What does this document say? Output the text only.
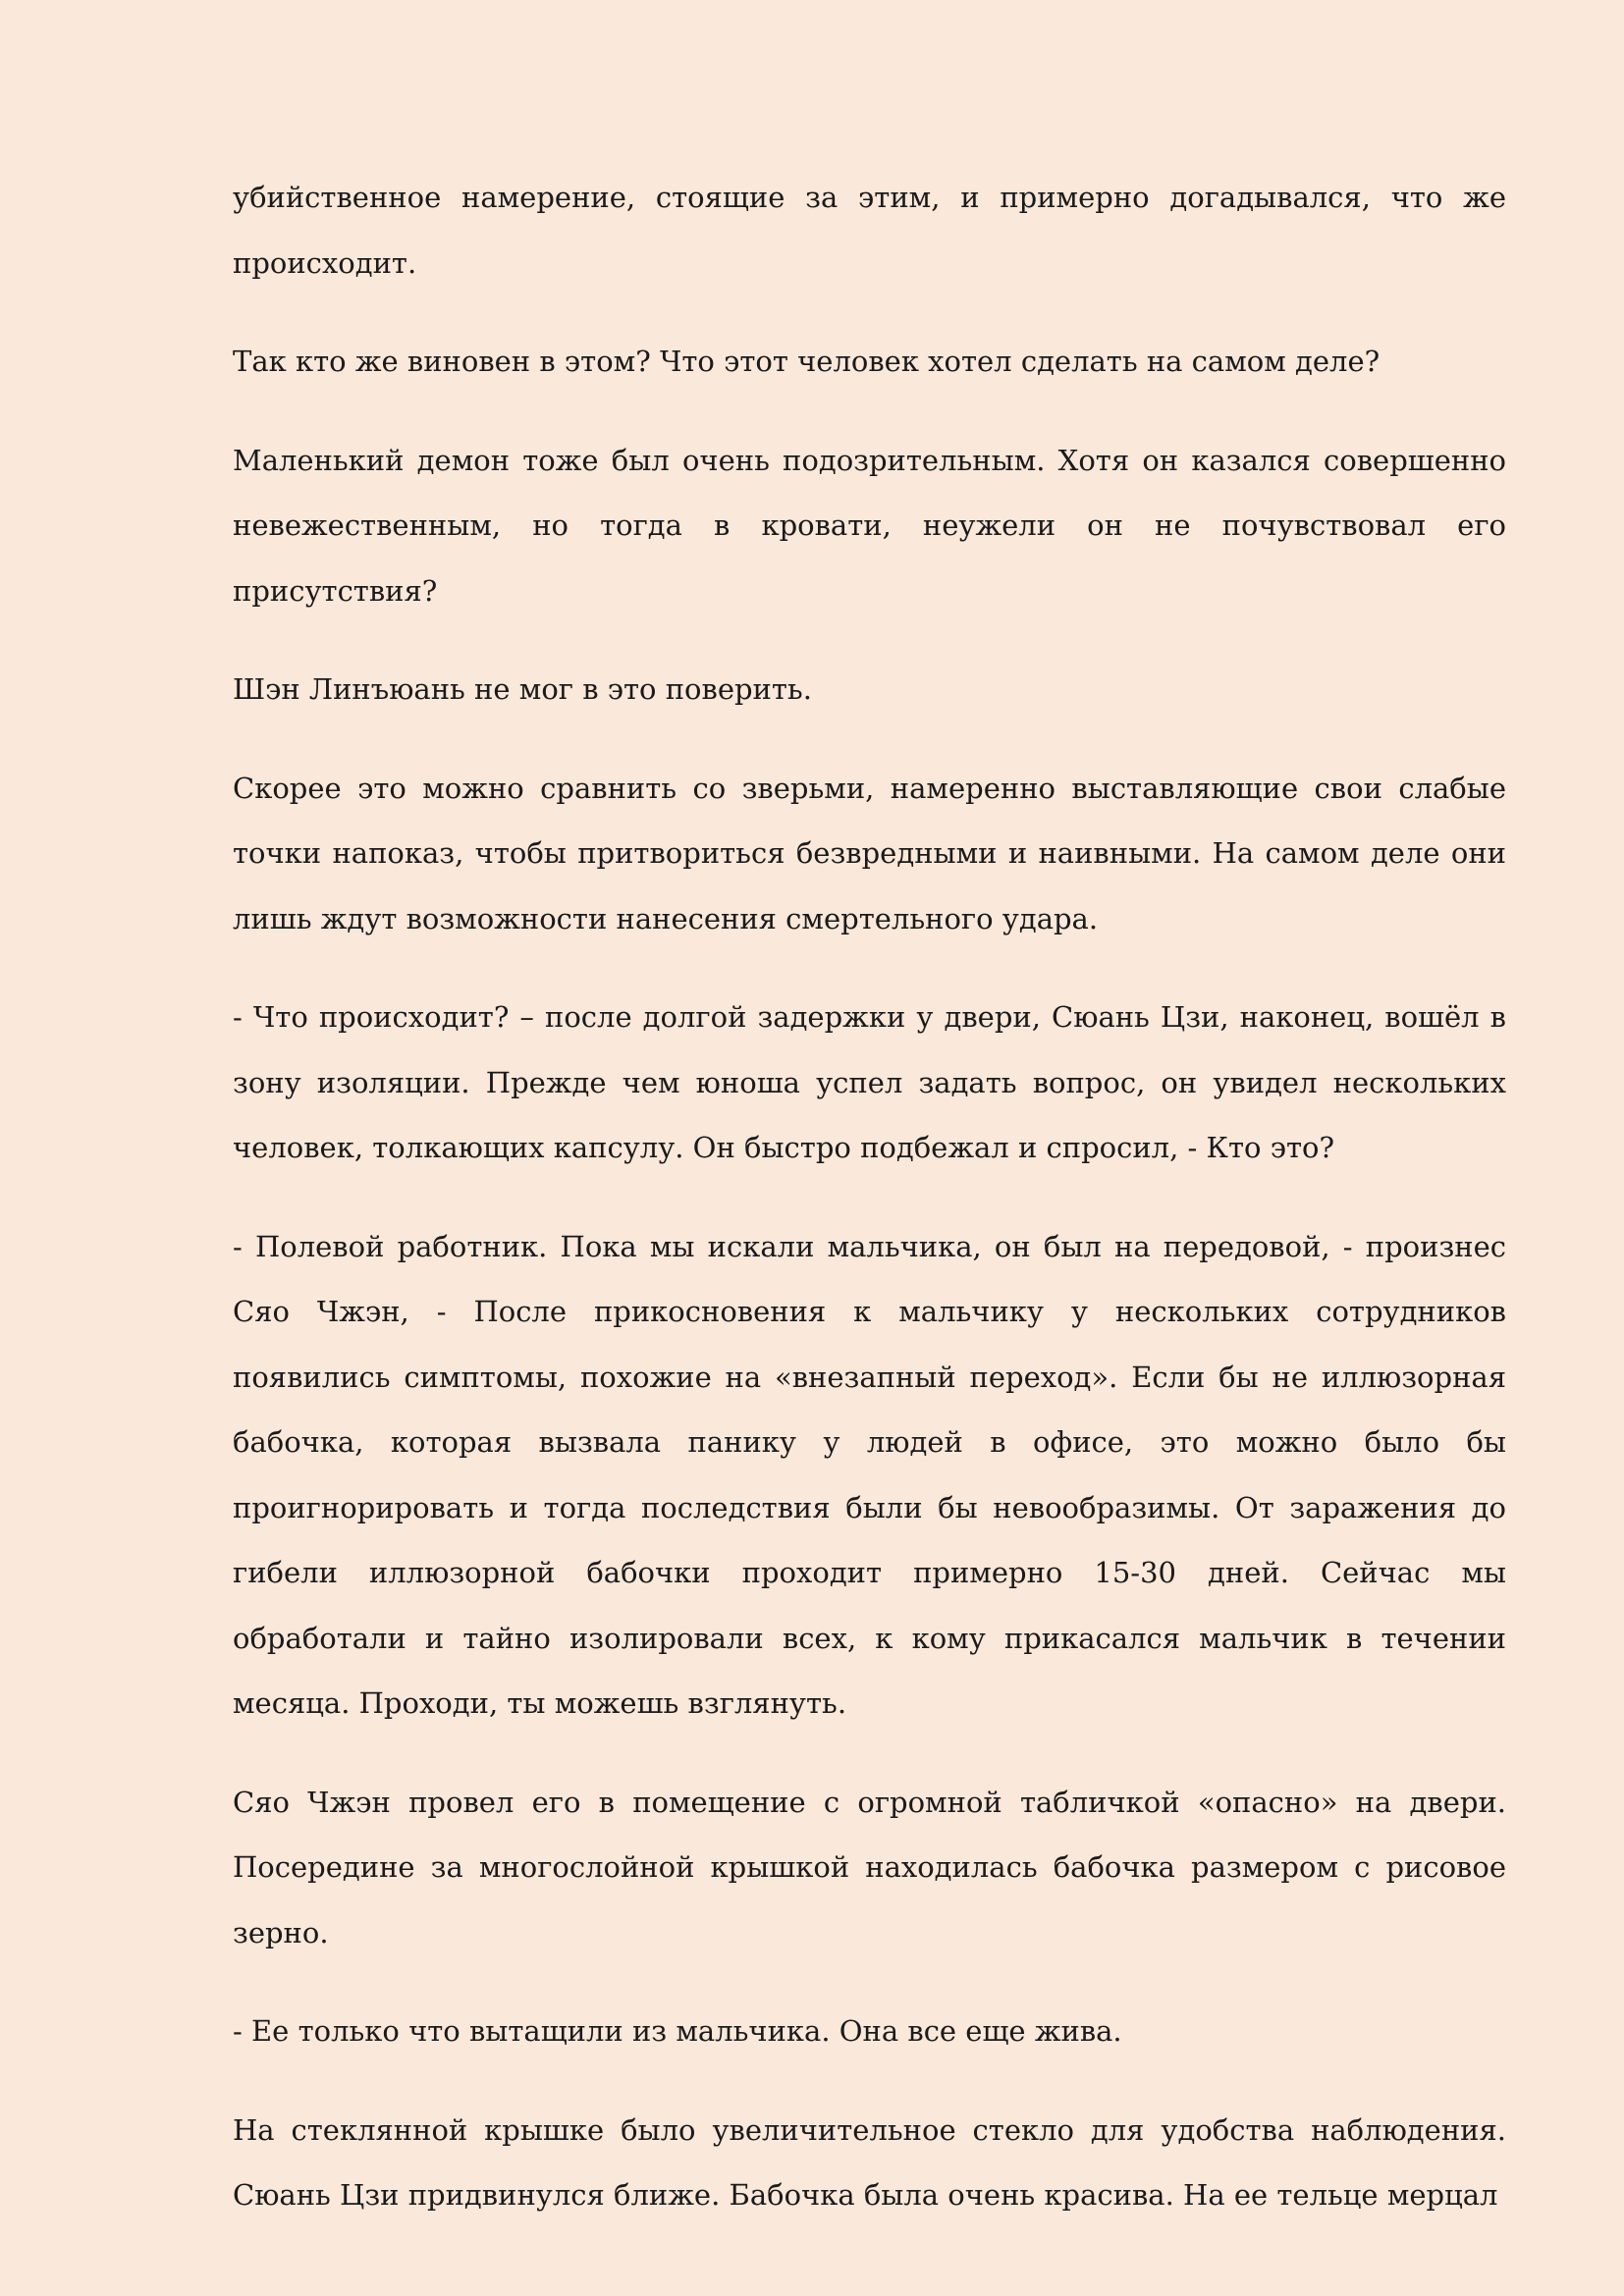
убийственное намерение, стоящие за этим, и примерно догадывался, что же происходит.

Так кто же виновен в этом? Что этот человек хотел сделать на самом деле?

Маленький демон тоже был очень подозрительным. Хотя он казался совершенно невежественным, но тогда в кровати, неужели он не почувствовал его присутствия?

Шэн Линъюань не мог в это поверить.

Скорее это можно сравнить со зверьми, намеренно выставляющие свои слабые точки напоказ, чтобы притвориться безвредными и наивными. На самом деле они лишь ждут возможности нанесения смертельного удара.

- Что происходит? – после долгой задержки у двери, Сюань Цзи, наконец, вошёл в зону изоляции. Прежде чем юноша успел задать вопрос, он увидел нескольких человек, толкающих капсулу. Он быстро подбежал и спросил, - Кто это?

- Полевой работник. Пока мы искали мальчика, он был на передовой, - произнес Сяо Чжэн, - После прикосновения к мальчику у нескольких сотрудников появились симптомы, похожие на «внезапный переход». Если бы не иллюзорная бабочка, которая вызвала панику у людей в офисе, это можно было бы проигнорировать и тогда последствия были бы невообразимы. От заражения до гибели иллюзорной бабочки проходит примерно 15-30 дней. Сейчас мы обработали и тайно изолировали всех, к кому прикасался мальчик в течении месяца. Проходи, ты можешь взглянуть.

Сяо Чжэн провел его в помещение с огромной табличкой «опасно» на двери. Посередине за многослойной крышкой находилась бабочка размером с рисовое зерно.

- Ее только что вытащили из мальчика. Она все еще жива.

На стеклянной крышке было увеличительное стекло для удобства наблюдения. Сюань Цзи придвинулся ближе. Бабочка была очень красива. На ее тельце мерцал
